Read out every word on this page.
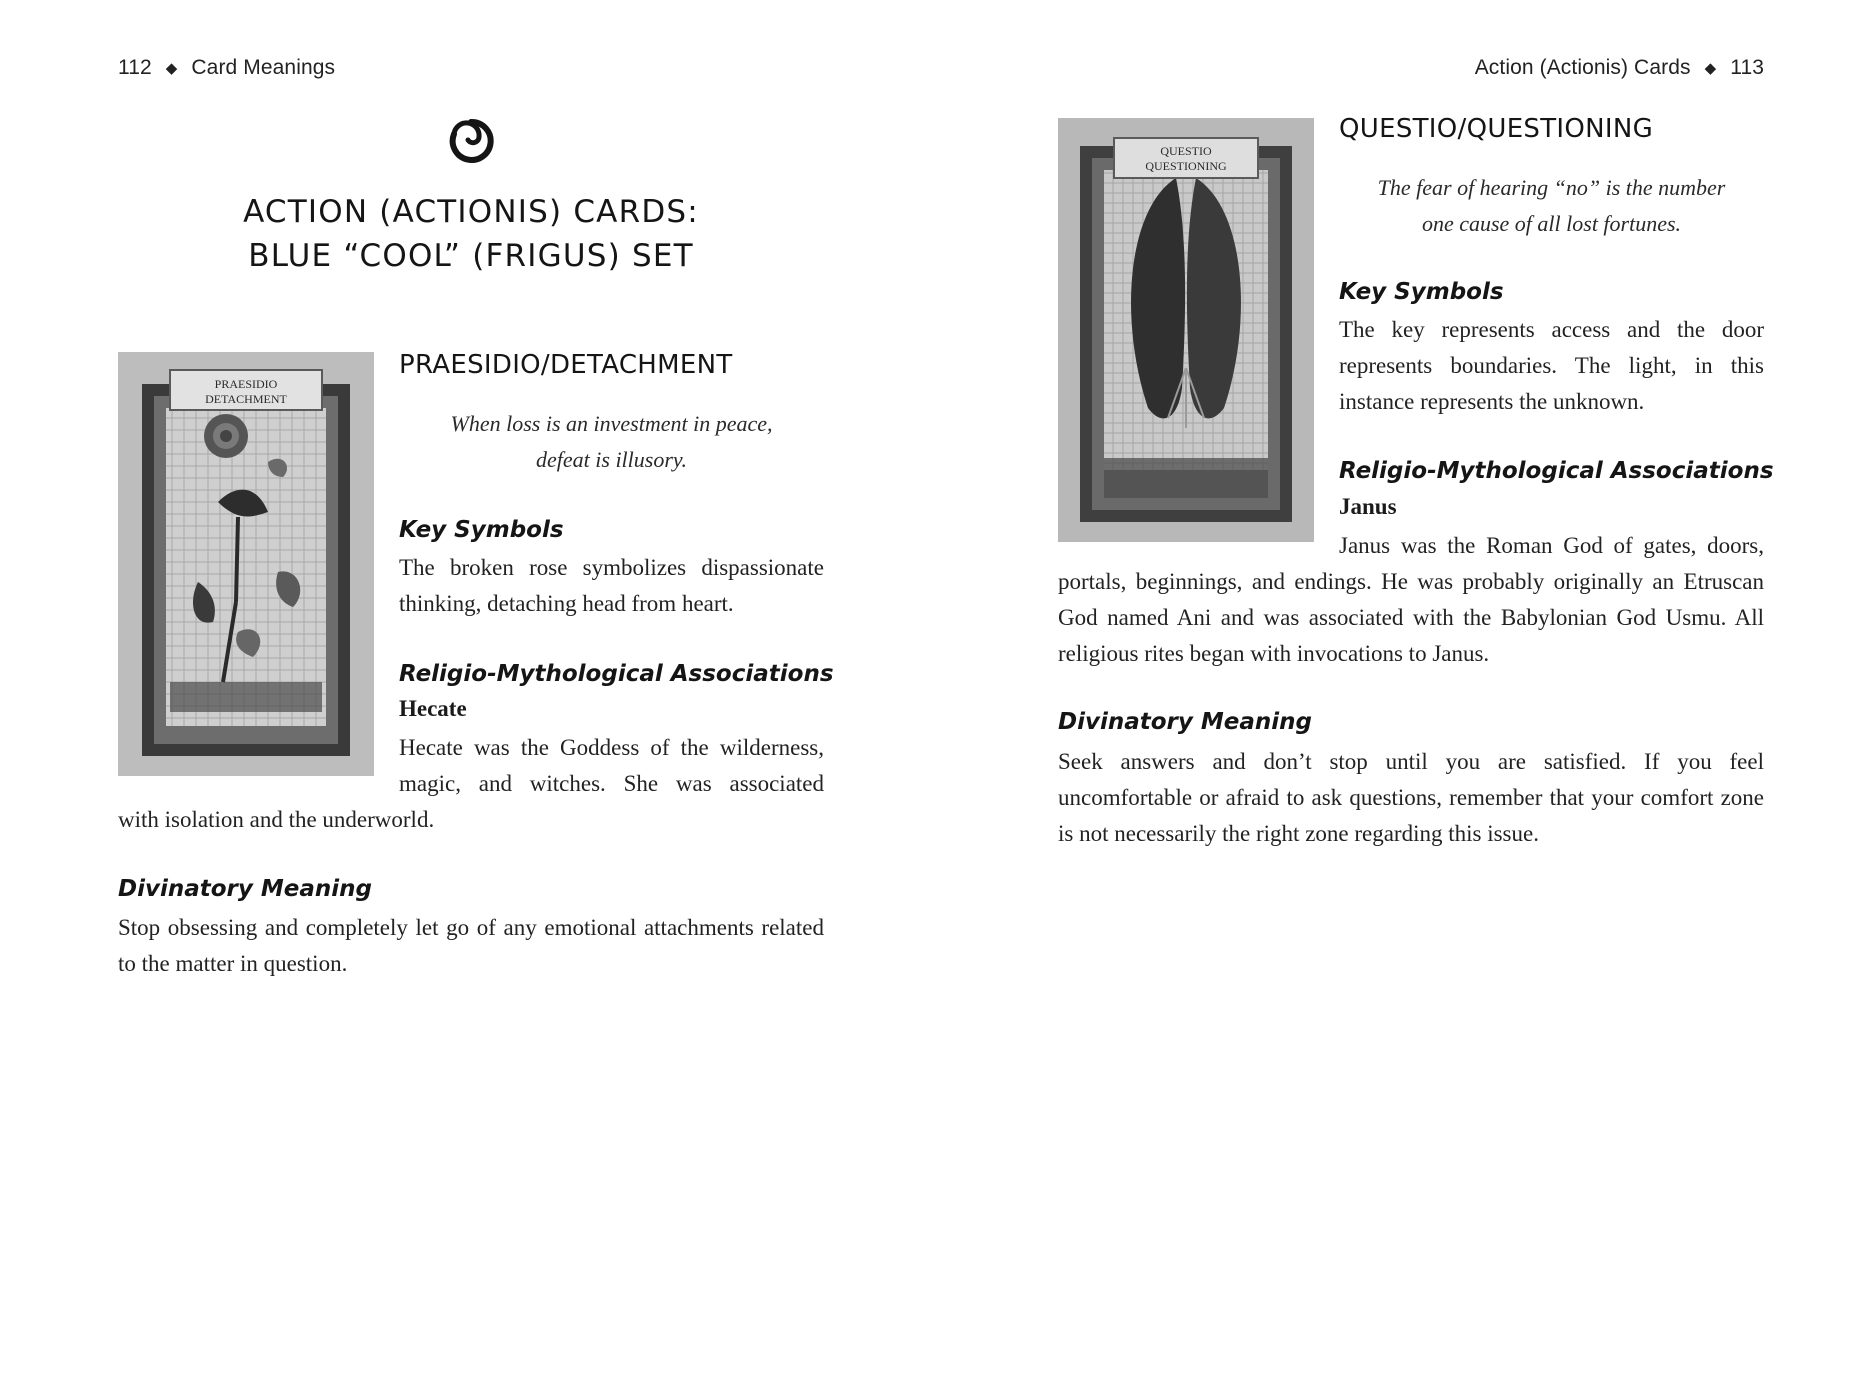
112 ◆ Card Meanings
ACTION (ACTIONIS) CARDS:
BLUE “COOL” (FRIGUS) SET
PRAESIDIO
DETACHMENT
PRAESIDIO/DETACHMENT
When loss is an investment in peace,
defeat is illusory.
Key Symbols

The broken rose symbolizes dispassionate thinking, detaching head from heart.

Religio-Mythological Associations
Hecate

Hecate was the Goddess of the wilderness, magic, and witches. She was associated

with isolation and the underworld.

Divinatory Meaning

Stop obsessing and completely let go of any emotional attachments related to the matter in question.

Action (Actionis) Cards ◆ 113
QUESTIO
QUESTIONING
QUESTIO/QUESTIONING
The fear of hearing “no” is the number
one cause of all lost fortunes.
Key Symbols

The key represents access and the door represents boundaries. The light, in this instance represents the unknown.

Religio-Mythological Associations
Janus

Janus was the Roman God of gates, doors,

portals, beginnings, and endings. He was probably originally an Etruscan God named Ani and was associated with the Babylonian God Usmu. All religious rites began with invocations to Janus.

Divinatory Meaning

Seek answers and don’t stop until you are satisfied. If you feel uncomfortable or afraid to ask questions, remember that your comfort zone is not necessarily the right zone regarding this issue.
